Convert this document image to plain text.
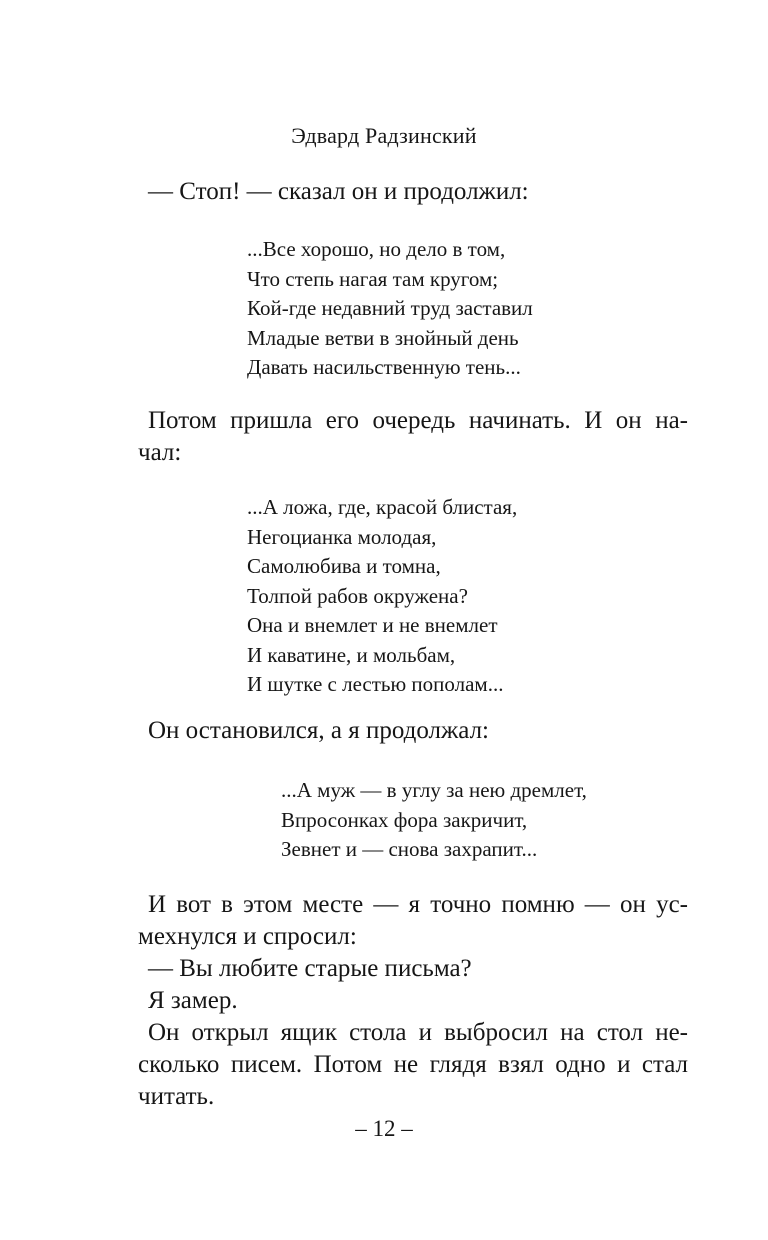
Эдвард Радзинский
— Стоп! — сказал он и продолжил:
...Все хорошо, но дело в том,
Что степь нагая там кругом;
Кой-где недавний труд заставил
Младые ветви в знойный день
Давать насильственную тень...
Потом пришла его очередь начинать. И он на-
чал:
...А ложа, где, красой блистая,
Негоцианка молодая,
Самолюбива и томна,
Толпой рабов окружена?
Она и внемлет и не внемлет
И каватине, и мольбам,
И шутке с лестью пополам...
Он остановился, а я продолжал:
...А муж — в углу за нею дремлет,
Впросонках фора закричит,
Зевнет и — снова захрапит...
И вот в этом месте — я точно помню — он ус-
мехнулся и спросил:
— Вы любите старые письма?
Я замер.
Он открыл ящик стола и выбросил на стол не-
сколько писем. Потом не глядя взял одно и стал
читать.
– 12 –
